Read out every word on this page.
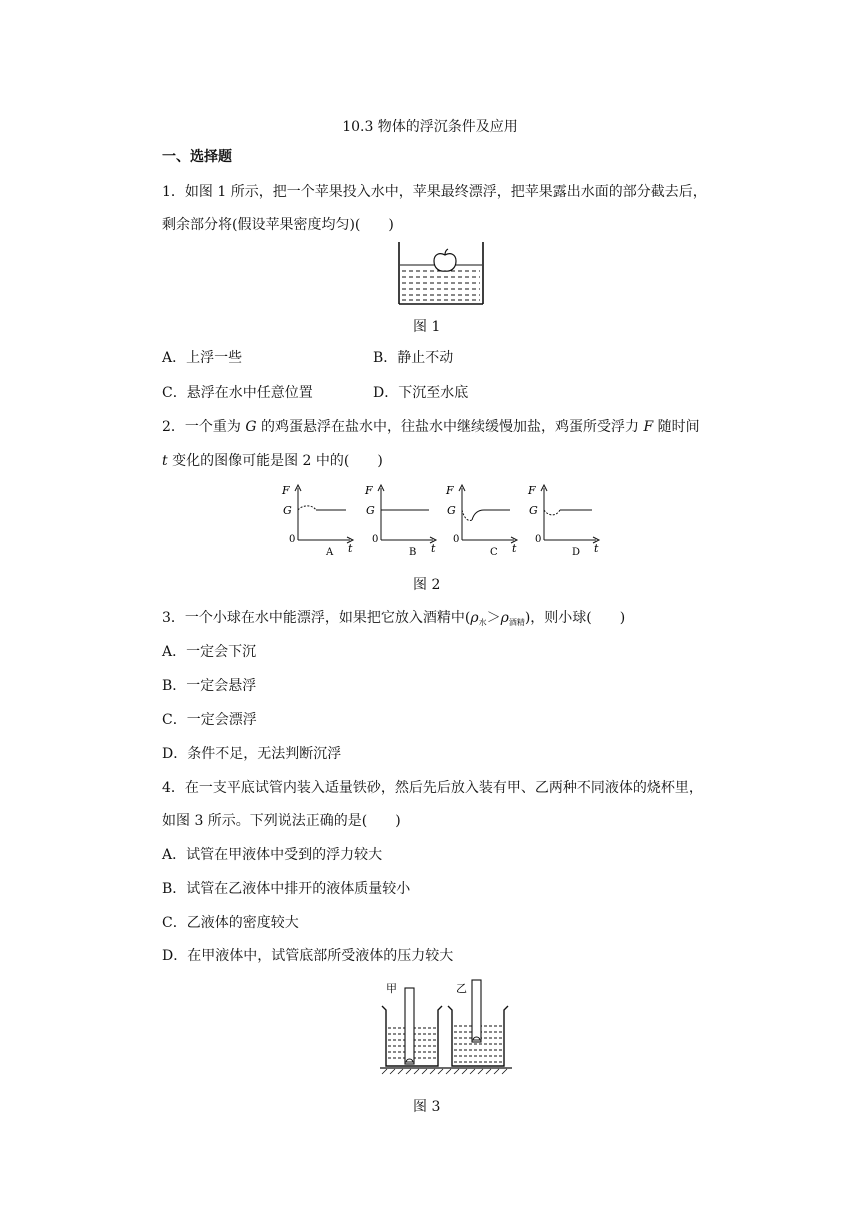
10.3 物体的浮沉条件及应用
一、选择题
1．如图 1 所示，把一个苹果投入水中，苹果最终漂浮，把苹果露出水面的部分截去后，
剩余部分将(假设苹果密度均匀)(　　)
图 1
A．上浮一些	B．静止不动
C．悬浮在水中任意位置	D．下沉至水底
2．一个重为 G 的鸡蛋悬浮在盐水中，往盐水中继续缓慢加盐，鸡蛋所受浮力 F 随时间
t 变化的图像可能是图 2 中的(　　)
F
G
0
t
A
F
G
0
t
B
F
G
0
t
C
F
G
0
t
D
图 2
3．一个小球在水中能漂浮，如果把它放入酒精中$(\rho_水>\rho_{酒精})$，则小球(　　)
A．一定会下沉
B．一定会悬浮
C．一定会漂浮
D．条件不足，无法判断沉浮
4．在一支平底试管内装入适量铁砂，然后先后放入装有甲、乙两种不同液体的烧杯里，
如图 3 所示。下列说法正确的是(　　)
A．试管在甲液体中受到的浮力较大
B．试管在乙液体中排开的液体质量较小
C．乙液体的密度较大
D．在甲液体中，试管底部所受液体的压力较大
甲	乙
图 3
